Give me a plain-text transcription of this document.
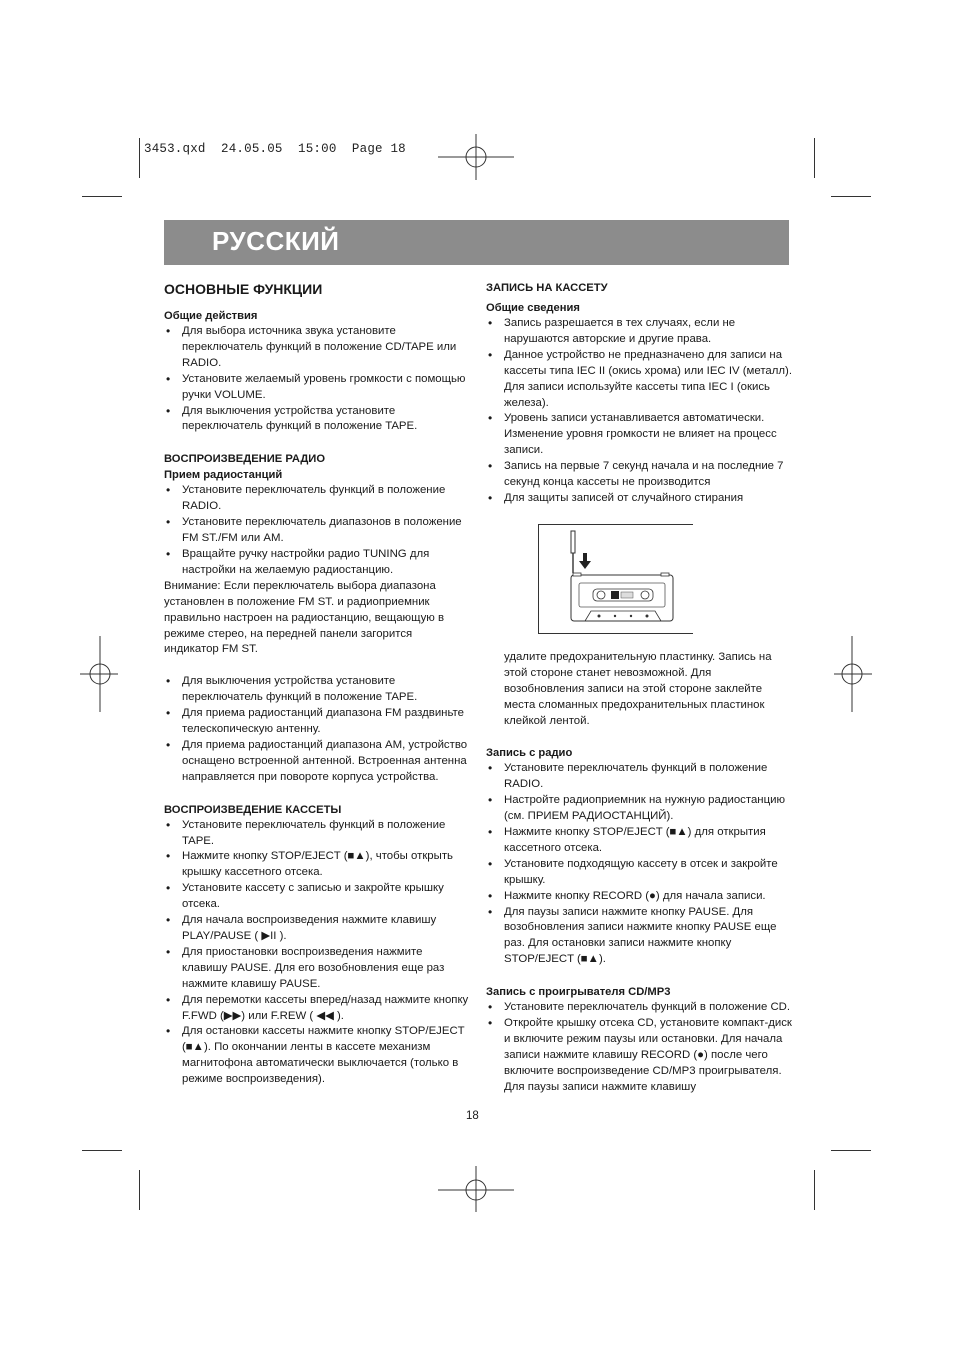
3453.qxd  24.05.05  15:00  Page 18
РУССКИЙ
ОСНОВНЫЕ ФУНКЦИИ
Общие действия
• Для выбора источника звука установите переключатель функций в положение CD/TAPE или RADIO.
• Установите желаемый уровень громкости с помощью ручки VOLUME.
• Для выключения устройства установите переключатель функций в положение TAPE.
ВОСПРОИЗВЕДЕНИЕ РАДИО
Прием радиостанций
• Установите переключатель функций в положение RADIO.
• Установите переключатель диапазонов в положение FM ST./FM или AM.
• Вращайте ручку настройки радио TUNING для настройки на желаемую радиостанцию.

Внимание: Если переключатель выбора диапазона установлен в положение FM ST. и радиоприемник правильно настроен на радиостанцию, вещающую в режиме стерео, на передней панели загорится индикатор FM ST.

• Для выключения устройства установите переключатель функций в положение TAPE.
• Для приема радиостанций диапазона FM раздвиньте телескопическую антенну.
• Для приема радиостанций диапазона AM, устройство оснащено встроенной антенной. Встроенная антенна направляется при повороте корпуса устройства.
ВОСПРОИЗВЕДЕНИЕ КАССЕТЫ
• Установите переключатель функций в положение TAPE.
• Нажмите кнопку STOP/EJECT (■▲), чтобы открыть крышку кассетного отсека.
• Установите кассету с записью и закройте крышку отсека.
• Для начала воспроизведения нажмите клавишу PLAY/PAUSE ( ▶II ).
• Для приостановки воспроизведения нажмите клавишу PAUSE. Для его возобновления еще раз нажмите клавишу PAUSE.
• Для перемотки кассеты вперед/назад нажмите кнопку F.FWD (▶▶) или F.REW ( ◀◀ ).
• Для остановки кассеты нажмите кнопку STOP/EJECT (■▲). По окончании ленты в кассете механизм магнитофона автоматически выключается (только в режиме воспроизведения).
ЗАПИСЬ НА КАССЕТУ
Общие сведения
• Запись разрешается в тех случаях, если не нарушаются авторские и другие права.
• Данное устройство не предназначено для записи на кассеты типа IEC II (окись хрома) или IEC IV (металл). Для записи используйте кассеты типа IEC I (окись железа).
• Уровень записи устанавливается автоматически. Изменение уровня громкости не влияет на процесс записи.
• Запись на первые 7 секунд начала и на последние 7 секунд конца кассеты не производится
• Для защиты записей от случайного стирания

удалите предохранительную пластинку. Запись на этой стороне станет невозможной. Для возобновления записи на этой стороне заклейте места сломанных предохранительных пластинок клейкой лентой.

Запись с радио
• Установите переключатель функций в положение RADIO.
• Настройте радиоприемник на нужную радиостанцию (см. ПРИЕМ РАДИОСТАНЦИЙ).
• Нажмите кнопку STOP/EJECT (■▲) для открытия кассетного отсека.
• Установите подходящую кассету в отсек и закройте крышку.
• Нажмите кнопку RECORD (●) для начала записи.
• Для паузы записи нажмите кнопку PAUSE. Для возобновления записи нажмите кнопку PAUSE еще раз. Для остановки записи нажмите кнопку STOP/EJECT (■▲).
Запись с проигрывателя CD/MP3
• Установите переключатель функций в положение CD.
• Откройте крышку отсека CD, установите компакт-диск и включите режим паузы или остановки. Для начала записи нажмите клавишу RECORD (●) после чего включите воспроизведение CD/MP3 проигрывателя. Для паузы записи нажмите клавишу
18
